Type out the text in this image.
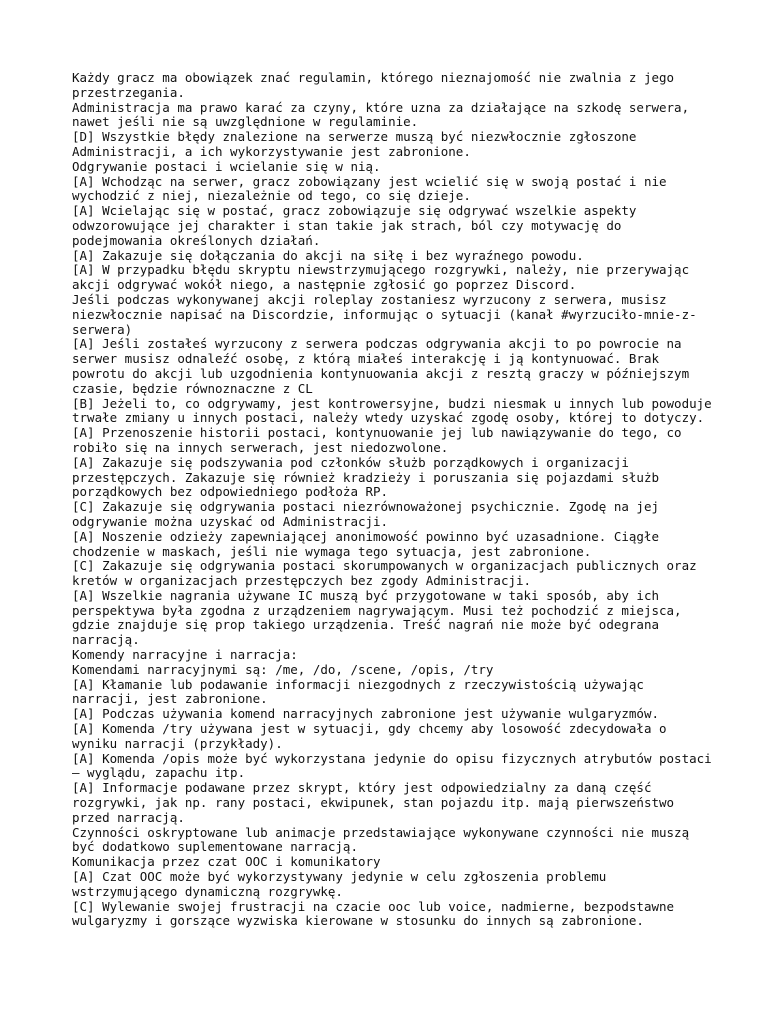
Każdy gracz ma obowiązek znać regulamin, którego nieznajomość nie zwalnia z jego przestrzegania.

Administracja ma prawo karać za czyny, które uzna za działające na szkodę serwera, nawet jeśli nie są uwzględnione w regulaminie.

[D] Wszystkie błędy znalezione na serwerze muszą być niezwłocznie zgłoszone Administracji, a ich wykorzystywanie jest zabronione.

Odgrywanie postaci i wcielanie się w nią.

[A] Wchodząc na serwer, gracz zobowiązany jest wcielić się w swoją postać i nie wychodzić z niej, niezależnie od tego, co się dzieje.

[A] Wcielając się w postać, gracz zobowiązuje się odgrywać wszelkie aspekty odwzorowujące jej charakter i stan takie jak strach, ból czy motywację do podejmowania określonych działań.

[A] Zakazuje się dołączania do akcji na siłę i bez wyraźnego powodu.

[A] W przypadku błędu skryptu niewstrzymującego rozgrywki, należy, nie przerywając akcji odgrywać wokół niego, a następnie zgłosić go poprzez Discord.

Jeśli podczas wykonywanej akcji roleplay zostaniesz wyrzucony z serwera, musisz niezwłocznie napisać na Discordzie, informując o sytuacji (kanał #wyrzuciło-mnie-z-serwera)

[A] Jeśli zostałeś wyrzucony z serwera podczas odgrywania akcji to po powrocie na serwer musisz odnaleźć osobę, z którą miałeś interakcję i ją kontynuować. Brak powrotu do akcji lub uzgodnienia kontynuowania akcji z resztą graczy w późniejszym czasie, będzie równoznaczne z CL

[B] Jeżeli to, co odgrywamy, jest kontrowersyjne, budzi niesmak u innych lub powoduje trwałe zmiany u innych postaci, należy wtedy uzyskać zgodę osoby, której to dotyczy.

[A] Przenoszenie historii postaci, kontynuowanie jej lub nawiązywanie do tego, co robiło się na innych serwerach, jest niedozwolone.

[A] Zakazuje się podszywania pod członków służb porządkowych i organizacji przestępczych. Zakazuje się również kradzieży i poruszania się pojazdami służb porządkowych bez odpowiedniego podłoża RP.

[C] Zakazuje się odgrywania postaci niezrównoważonej psychicznie. Zgodę na jej odgrywanie można uzyskać od Administracji.

[A] Noszenie odzieży zapewniającej anonimowość powinno być uzasadnione. Ciągłe chodzenie w maskach, jeśli nie wymaga tego sytuacja, jest zabronione.

[C] Zakazuje się odgrywania postaci skorumpowanych w organizacjach publicznych oraz kretów w organizacjach przestępczych bez zgody Administracji.

[A] Wszelkie nagrania używane IC muszą być przygotowane w taki sposób, aby ich perspektywa była zgodna z urządzeniem nagrywającym. Musi też pochodzić z miejsca, gdzie znajduje się prop takiego urządzenia. Treść nagrań nie może być odegrana narracją.

Komendy narracyjne i narracja:

Komendami narracyjnymi są: /me, /do, /scene, /opis, /try

[A] Kłamanie lub podawanie informacji niezgodnych z rzeczywistością używając narracji, jest zabronione.

[A] Podczas używania komend narracyjnych zabronione jest używanie wulgaryzmów.

[A] Komenda /try używana jest w sytuacji, gdy chcemy aby losowość zdecydowała o wyniku narracji (przykłady).

[A] Komenda /opis może być wykorzystana jedynie do opisu fizycznych atrybutów postaci — wyglądu, zapachu itp.

[A] Informacje podawane przez skrypt, który jest odpowiedzialny za daną część rozgrywki, jak np. rany postaci, ekwipunek, stan pojazdu itp. mają pierwszeństwo przed narracją.

Czynności oskryptowane lub animacje przedstawiające wykonywane czynności nie muszą być dodatkowo suplementowane narracją.

Komunikacja przez czat OOC i komunikatory

[A] Czat OOC może być wykorzystywany jedynie w celu zgłoszenia problemu wstrzymującego dynamiczną rozgrywkę.

[C] Wylewanie swojej frustracji na czacie ooc lub voice, nadmierne, bezpodstawne wulgaryzmy i gorszące wyzwiska kierowane w stosunku do innych są zabronione.
